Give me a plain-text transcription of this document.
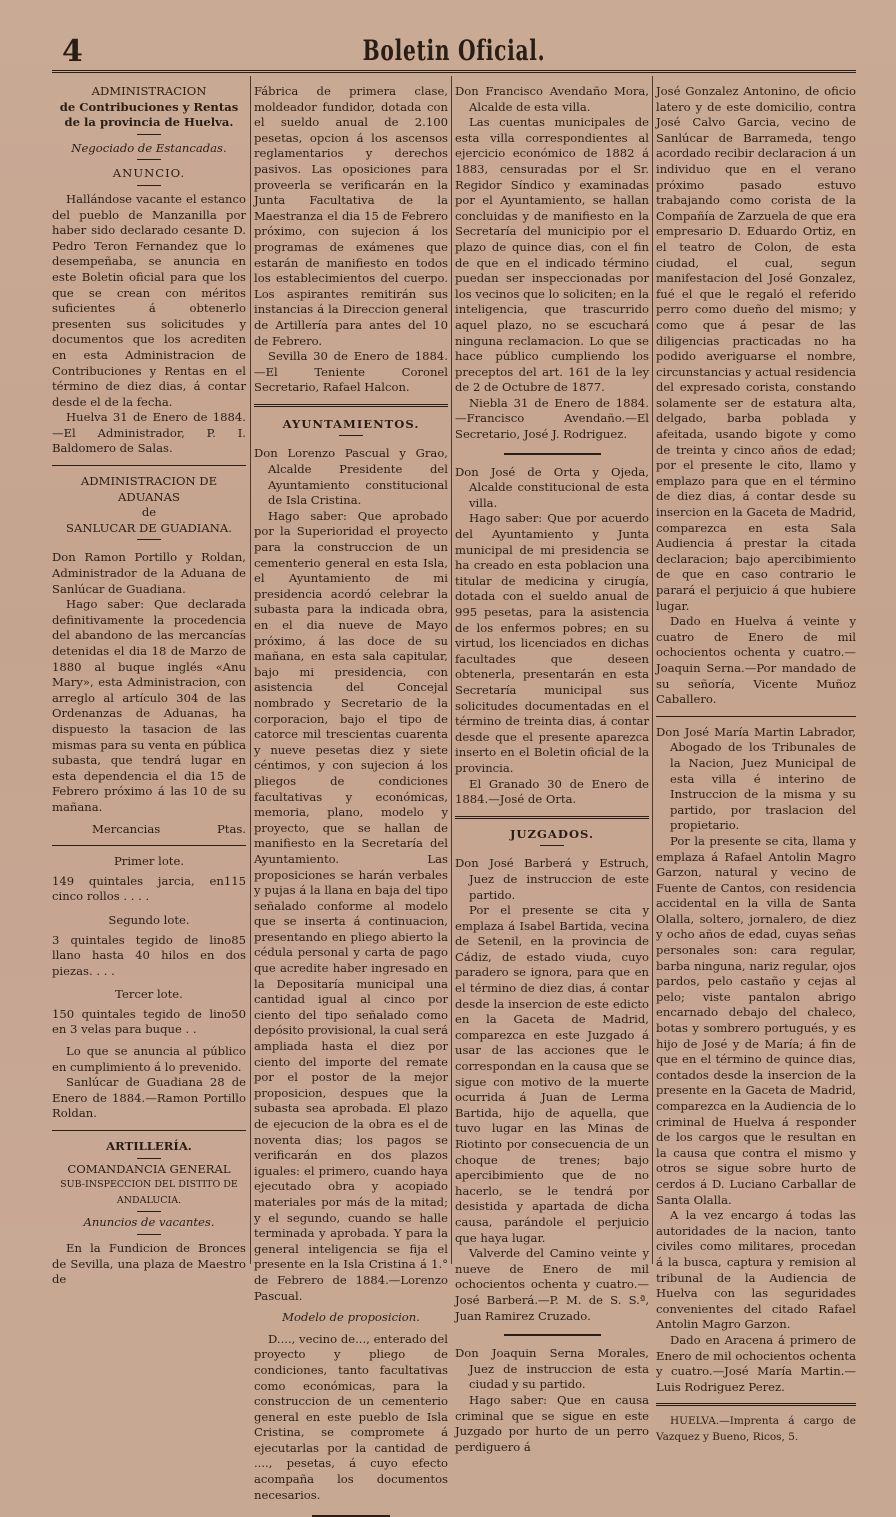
4	Boletin Oficial.

ADMINISTRACION

de Contribuciones y Rentas

de la provincia de Huelva.

Negociado de Estancadas.

ANUNCIO.

Hallándose vacante el estanco del pueblo de Manzanilla por haber sido declarado cesante D. Pedro Teron Fernandez que lo desempeñaba, se anuncia en este Boletin oficial para que los que se crean con méritos suficientes á obtenerlo presenten sus solicitudes y documentos que los acrediten en esta Administracion de Contribuciones y Rentas en el término de diez dias, á contar desde el de la fecha.

Huelva 31 de Enero de 1884.—El Administrador, P. I. Baldomero de Salas.

ADMINISTRACION DE ADUANAS

de

SANLUCAR DE GUADIANA.

Don Ramon Portillo y Roldan, Administrador de la Aduana de Sanlúcar de Guadiana.

Hago saber: Que declarada definitivamente la procedencia del abandono de las mercancías detenidas el dia 18 de Marzo de 1880 al buque inglés «Anu Mary», esta Administracion, con arreglo al artículo 304 de las Ordenanzas de Aduanas, ha dispuesto la tasacion de las mismas para su venta en pública subasta, que tendrá lugar en esta dependencia el dia 15 de Febrero próximo á las 10 de su mañana.

Mercancias	Ptas.

Primer lote.

115
149 quintales jarcia, en cinco rollos . . . .

Segundo lote.

85
3 quintales tegido de lino llano hasta 40 hilos en dos piezas. . . .

Tercer lote.

50
150 quintales tegido de lino en 3 velas para buque . .

Lo que se anuncia al público en cumplimiento á lo prevenido.

Sanlúcar de Guadiana 28 de Enero de 1884.—Ramon Portillo Roldan.

ARTILLERÍA.

COMANDANCIA GENERAL

SUB-INSPECCION DEL DISTITO DE ANDALUCIA.

Anuncios de vacantes.

En la Fundicion de Bronces de Sevilla, una plaza de Maestro de

Fábrica de primera clase, moldeador fundidor, dotada con el sueldo anual de 2.100 pesetas, opcion á los ascensos reglamentarios y derechos pasivos. Las oposiciones para proveerla se verificarán en la Junta Facultativa de la Maestranza el dia 15 de Febrero próximo, con sujecion á los programas de exámenes que estarán de manifiesto en todos los establecimientos del cuerpo. Los aspirantes remitirán sus instancias á la Direccion general de Artillería para antes del 10 de Febrero.

Sevilla 30 de Enero de 1884.—El Teniente Coronel Secretario, Rafael Halcon.

AYUNTAMIENTOS.

Don Lorenzo Pascual y Grao, Alcalde Presidente del Ayuntamiento constitucional de Isla Cristina.

Hago saber: Que aprobado por la Superioridad el proyecto para la construccion de un cementerio general en esta Isla, el Ayuntamiento de mi presidencia acordó celebrar la subasta para la indicada obra, en el dia nueve de Mayo próximo, á las doce de su mañana, en esta sala capitular, bajo mi presidencia, con asistencia del Concejal nombrado y Secretario de la corporacion, bajo el tipo de catorce mil trescientas cuarenta y nueve pesetas diez y siete céntimos, y con sujecion á los pliegos de condiciones facultativas y económicas, memoria, plano, modelo y proyecto, que se hallan de manifiesto en la Secretaría del Ayuntamiento. Las proposiciones se harán verbales y pujas á la llana en baja del tipo señalado conforme al modelo que se inserta á continuacion, presentando en pliego abierto la cédula personal y carta de pago que acredite haber ingresado en la Depositaría municipal una cantidad igual al cinco por ciento del tipo señalado como depósito provisional, la cual será ampliada hasta el diez por ciento del importe del remate por el postor de la mejor proposicion, despues que la subasta sea aprobada. El plazo de ejecucion de la obra es el de noventa dias; los pagos se verificarán en dos plazos iguales: el primero, cuando haya ejecutado obra y acopiado materiales por más de la mitad; y el segundo, cuando se halle terminada y aprobada. Y para la general inteligencia se fija el presente en la Isla Cristina á 1.° de Febrero de 1884.—Lorenzo Pascual.

Modelo de proposicion.

D...., vecino de..., enterado del proyecto y pliego de condiciones, tanto facultativas como económicas, para la construccion de un cementerio general en este pueblo de Isla Cristina, se compromete á ejecutarlas por la cantidad de ...., pesetas, á cuyo efecto acompaña los documentos necesarios.

Don Francisco Avendaño Mora, Alcalde de esta villa.

Las cuentas municipales de esta villa correspondientes al ejercicio económico de 1882 á 1883, censuradas por el Sr. Regidor Síndico y examinadas por el Ayuntamiento, se hallan concluidas y de manifiesto en la Secretaría del municipio por el plazo de quince dias, con el fin de que en el indicado término puedan ser inspeccionadas por los vecinos que lo soliciten; en la inteligencia, que trascurrido aquel plazo, no se escuchará ninguna reclamacion. Lo que se hace público cumpliendo los preceptos del art. 161 de la ley de 2 de Octubre de 1877.

Niebla 31 de Enero de 1884.—Francisco Avendaño.—El Secretario, José J. Rodriguez.

Don José de Orta y Ojeda, Alcalde constitucional de esta villa.

Hago saber: Que por acuerdo del Ayuntamiento y Junta municipal de mi presidencia se ha creado en esta poblacion una titular de medicina y cirugía, dotada con el sueldo anual de 995 pesetas, para la asistencia de los enfermos pobres; en su virtud, los licenciados en dichas facultades que deseen obtenerla, presentarán en esta Secretaría municipal sus solicitudes documentadas en el término de treinta dias, á contar desde que el presente aparezca inserto en el Boletin oficial de la provincia.

El Granado 30 de Enero de 1884.—José de Orta.

JUZGADOS.

Don José Barberá y Estruch, Juez de instruccion de este partido.

Por el presente se cita y emplaza á Isabel Bartida, vecina de Setenil, en la provincia de Cádiz, de estado viuda, cuyo paradero se ignora, para que en el término de diez dias, á contar desde la insercion de este edicto en la Gaceta de Madrid, comparezca en este Juzgado á usar de las acciones que le correspondan en la causa que se sigue con motivo de la muerte ocurrida á Juan de Lerma Bartida, hijo de aquella, que tuvo lugar en las Minas de Riotinto por consecuencia de un choque de trenes; bajo apercibimiento que de no hacerlo, se le tendrá por desistida y apartada de dicha causa, parándole el perjuicio que haya lugar.

Valverde del Camino veinte y nueve de Enero de mil ochocientos ochenta y cuatro.—José Barberá.—P. M. de S. S.ª, Juan Ramirez Cruzado.

Don Joaquin Serna Morales, Juez de instruccion de esta ciudad y su partido.

Hago saber: Que en causa criminal que se sigue en este Juzgado por hurto de un perro perdiguero á

José Gonzalez Antonino, de oficio latero y de este domicilio, contra José Calvo Garcia, vecino de Sanlúcar de Barrameda, tengo acordado recibir declaracion á un individuo que en el verano próximo pasado estuvo trabajando como corista de la Compañía de Zarzuela de que era empresario D. Eduardo Ortiz, en el teatro de Colon, de esta ciudad, el cual, segun manifestacion del José Gonzalez, fué el que le regaló el referido perro como dueño del mismo; y como que á pesar de las diligencias practicadas no ha podido averiguarse el nombre, circunstancias y actual residencia del expresado corista, constando solamente ser de estatura alta, delgado, barba poblada y afeitada, usando bigote y como de treinta y cinco años de edad; por el presente le cito, llamo y emplazo para que en el término de diez dias, á contar desde su insercion en la Gaceta de Madrid, comparezca en esta Sala Audiencia á prestar la citada declaracion; bajo apercibimiento de que en caso contrario le parará el perjuicio á que hubiere lugar.

Dado en Huelva á veinte y cuatro de Enero de mil ochocientos ochenta y cuatro.—Joaquin Serna.—Por mandado de su señoría, Vicente Muñoz Caballero.

Don José María Martin Labrador, Abogado de los Tribunales de la Nacion, Juez Municipal de esta villa é interino de Instruccion de la misma y su partido, por traslacion del propietario.

Por la presente se cita, llama y emplaza á Rafael Antolin Magro Garzon, natural y vecino de Fuente de Cantos, con residencia accidental en la villa de Santa Olalla, soltero, jornalero, de diez y ocho años de edad, cuyas señas personales son: cara regular, barba ninguna, nariz regular, ojos pardos, pelo castaño y cejas al pelo; viste pantalon abrigo encarnado debajo del chaleco, botas y sombrero portugués, y es hijo de José y de María; á fin de que en el término de quince dias, contados desde la insercion de la presente en la Gaceta de Madrid, comparezca en la Audiencia de lo criminal de Huelva á responder de los cargos que le resultan en la causa que contra el mismo y otros se sigue sobre hurto de cerdos á D. Luciano Carballar de Santa Olalla.

A la vez encargo á todas las autoridades de la nacion, tanto civiles como militares, procedan á la busca, captura y remision al tribunal de la Audiencia de Huelva con las seguridades convenientes del citado Rafael Antolin Magro Garzon.

Dado en Aracena á primero de Enero de mil ochocientos ochenta y cuatro.—José María Martin.—Luis Rodriguez Perez.

HUELVA.—Imprenta á cargo de Vazquez y Bueno, Ricos, 5.
